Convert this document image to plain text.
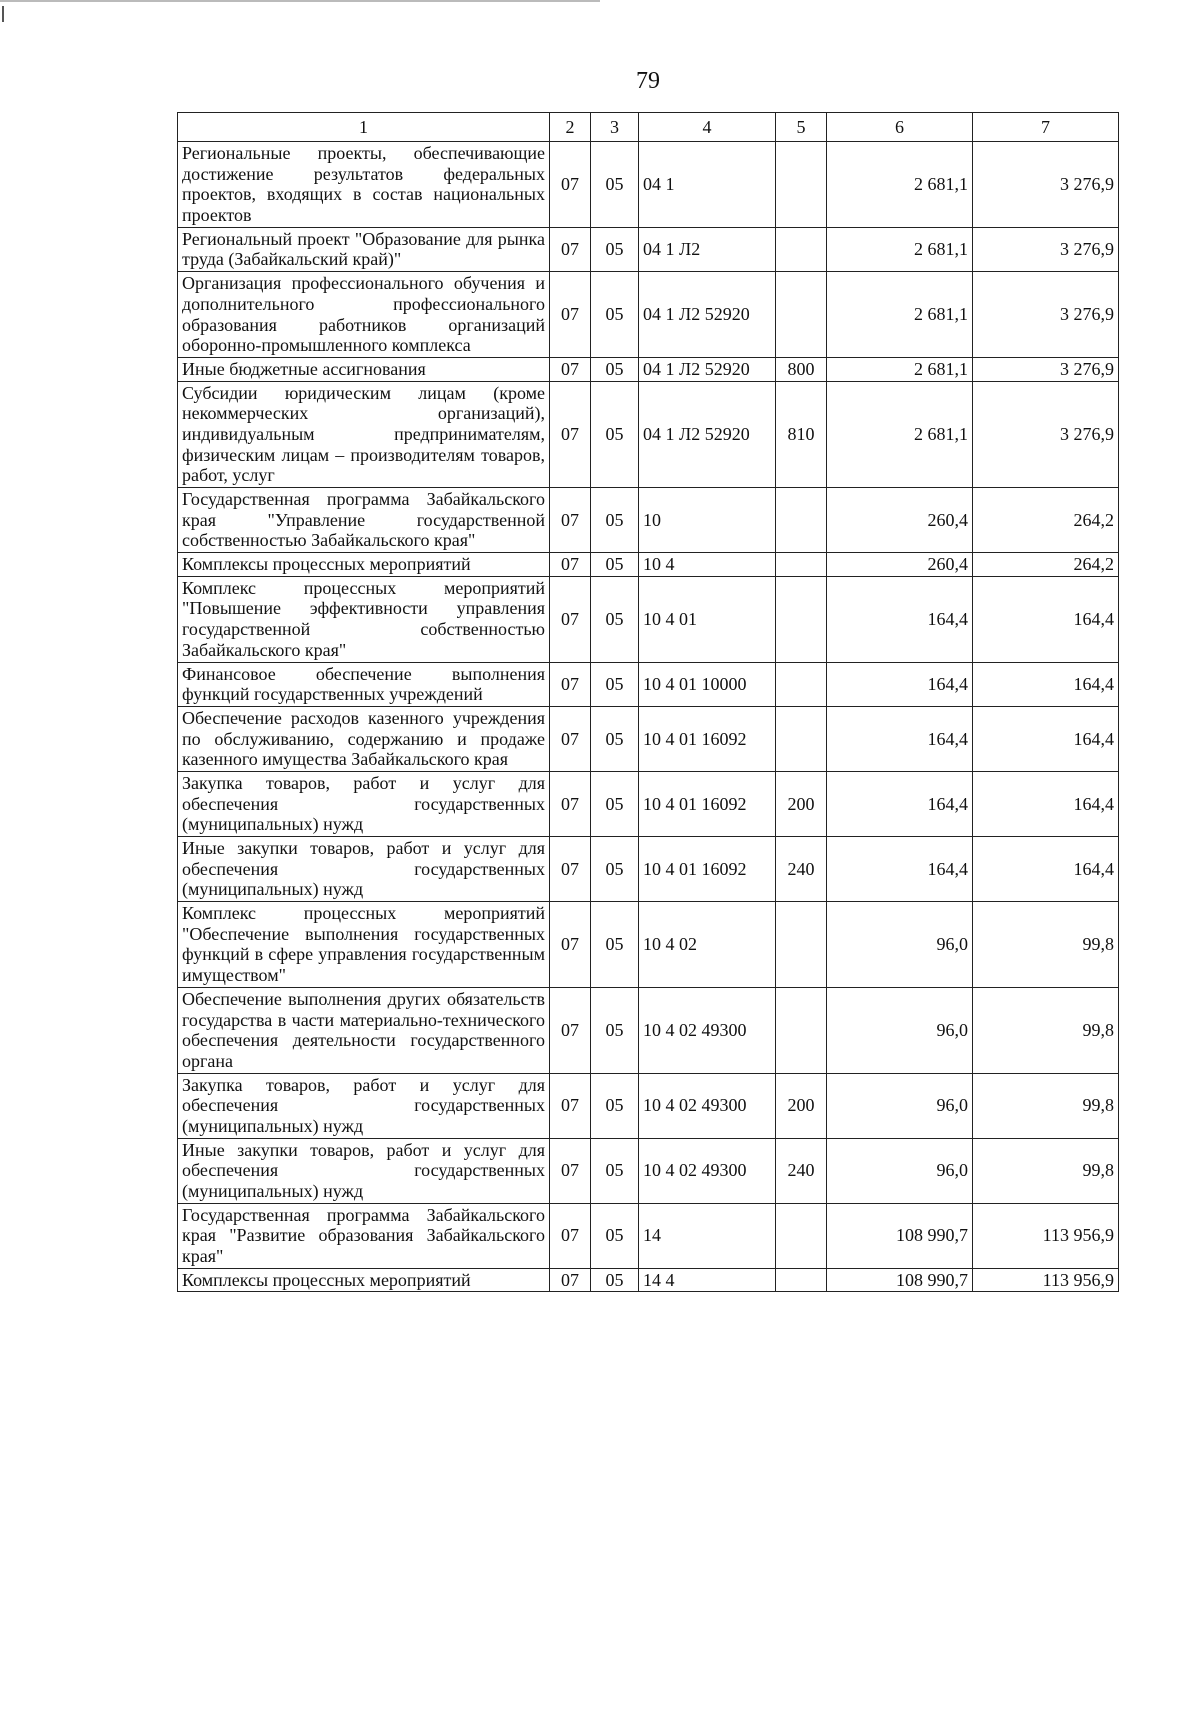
79
1	2	3	4	5	6	7
Региональные проекты, обеспечивающие достижение результатов федеральных проектов, входящих в состав национальных проектов	07	05	04 1		2 681,1	3 276,9
Региональный проект "Образование для рынка труда (Забайкальский край)"	07	05	04 1 Л2		2 681,1	3 276,9
Организация профессионального обучения и дополнительного профессионального образования работников организаций оборонно-промышленного комплекса	07	05	04 1 Л2 52920		2 681,1	3 276,9
Иные бюджетные ассигнования	07	05	04 1 Л2 52920	800	2 681,1	3 276,9
Субсидии юридическим лицам (кроме некоммерческих организаций), индивидуальным предпринимателям, физическим лицам – производителям товаров, работ, услуг	07	05	04 1 Л2 52920	810	2 681,1	3 276,9
Государственная программа Забайкальского края "Управление государственной собственностью Забайкальского края"	07	05	10		260,4	264,2
Комплексы процессных мероприятий	07	05	10 4		260,4	264,2
Комплекс процессных мероприятий "Повышение эффективности управления государственной собственностью Забайкальского края"	07	05	10 4 01		164,4	164,4
Финансовое обеспечение выполнения функций государственных учреждений	07	05	10 4 01 10000		164,4	164,4
Обеспечение расходов казенного учреждения по обслуживанию, содержанию и продаже казенного имущества Забайкальского края	07	05	10 4 01 16092		164,4	164,4
Закупка товаров, работ и услуг для обеспечения государственных (муниципальных) нужд	07	05	10 4 01 16092	200	164,4	164,4
Иные закупки товаров, работ и услуг для обеспечения государственных (муниципальных) нужд	07	05	10 4 01 16092	240	164,4	164,4
Комплекс процессных мероприятий "Обеспечение выполнения государственных функций в сфере управления государственным имуществом"	07	05	10 4 02		96,0	99,8
Обеспечение выполнения других обязательств государства в части материально-технического обеспечения деятельности государственного органа	07	05	10 4 02 49300		96,0	99,8
Закупка товаров, работ и услуг для обеспечения государственных (муниципальных) нужд	07	05	10 4 02 49300	200	96,0	99,8
Иные закупки товаров, работ и услуг для обеспечения государственных (муниципальных) нужд	07	05	10 4 02 49300	240	96,0	99,8
Государственная программа Забайкальского края "Развитие образования Забайкальского края"	07	05	14		108 990,7	113 956,9
Комплексы процессных мероприятий	07	05	14 4		108 990,7	113 956,9
